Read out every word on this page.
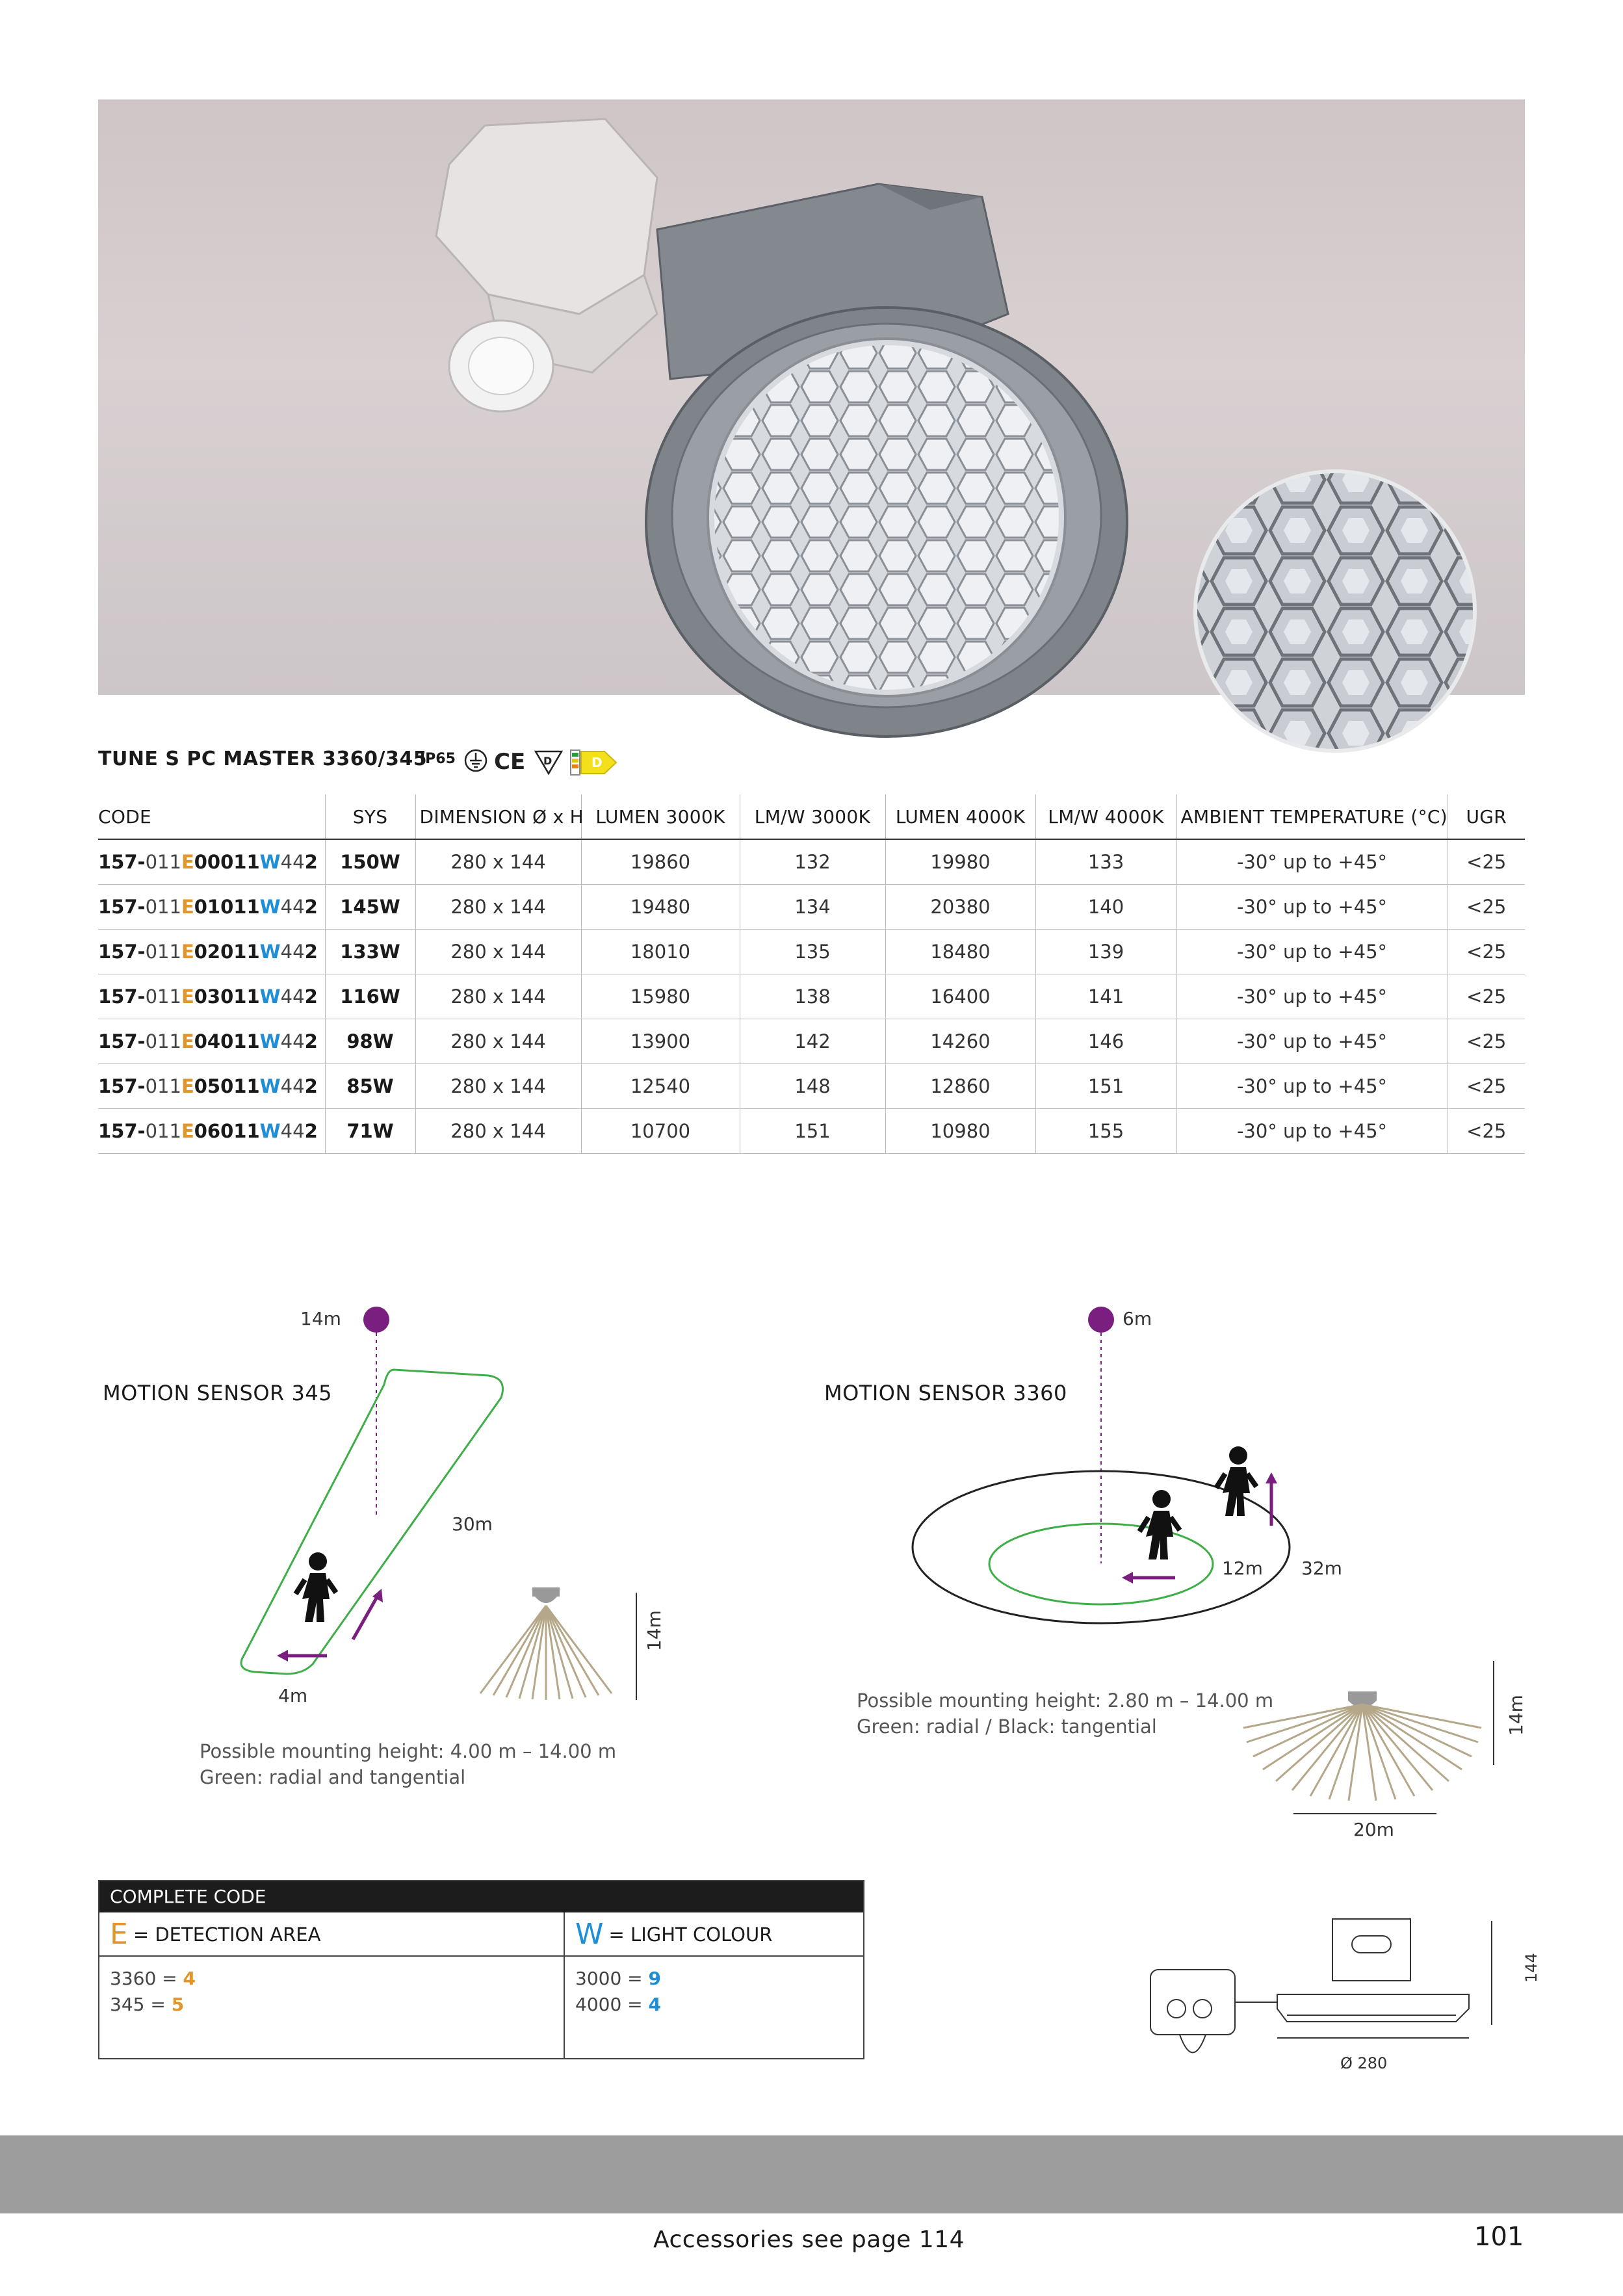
TUNE S PC MASTER 3360/345
IP65 CE D	D
CODE	SYS	DIMENSION Ø x H	LUMEN 3000K	LM/W 3000K	LUMEN 4000K	LM/W 4000K	AMBIENT TEMPERATURE (°C)	UGR
157-011E00011W442	150W	280 x 144	19860	132	19980	133	-30° up to +45°	<25
157-011E01011W442	145W	280 x 144	19480	134	20380	140	-30° up to +45°	<25
157-011E02011W442	133W	280 x 144	18010	135	18480	139	-30° up to +45°	<25
157-011E03011W442	116W	280 x 144	15980	138	16400	141	-30° up to +45°	<25
157-011E04011W442	98W	280 x 144	13900	142	14260	146	-30° up to +45°	<25
157-011E05011W442	85W	280 x 144	12540	148	12860	151	-30° up to +45°	<25
157-011E06011W442	71W	280 x 144	10700	151	10980	155	-30° up to +45°	<25
MOTION SENSOR 345
14m
30m
4m
14m
Possible mounting height: 4.00 m – 14.00 m
Green: radial and tangential
MOTION SENSOR 3360
6m
12m 32m
14m
20m
Possible mounting height: 2.80 m – 14.00 m
Green: radial / Black: tangential
COMPLETE CODE
E = DETECTION AREA
3360 = 4
345 = 5
W = LIGHT COLOUR
3000 = 9
4000 = 4
144
Ø 280
Accessories see page 114	101
